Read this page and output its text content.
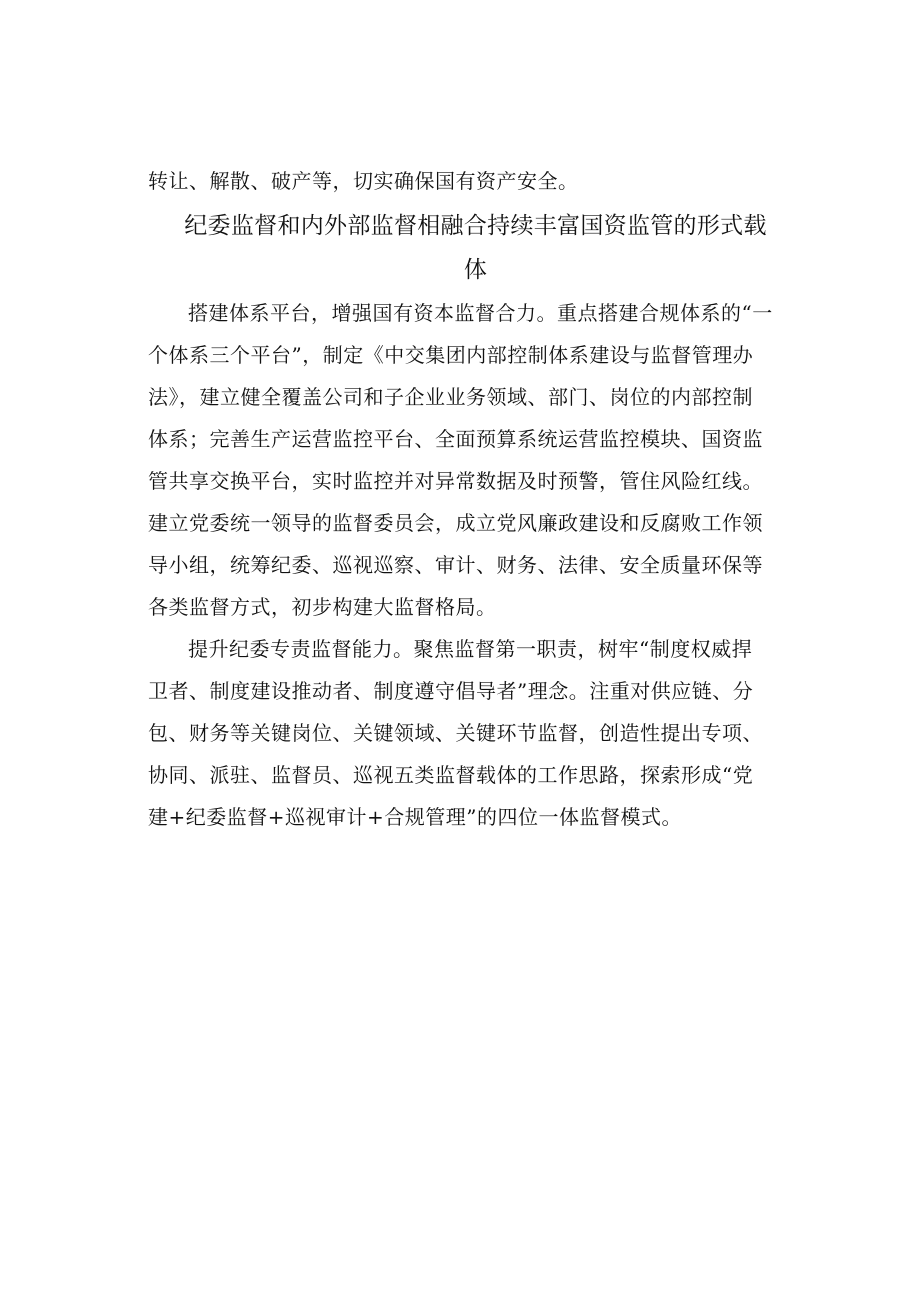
转让、解散、破产等，切实确保国有资产安全。
纪委监督和内外部监督相融合持续丰富国资监管的形式载
体
搭建体系平台，增强国有资本监督合力。重点搭建合规体系的“一
个体系三个平台”，制定《中交集团内部控制体系建设与监督管理办
法》，建立健全覆盖公司和子企业业务领域、部门、岗位的内部控制
体系；完善生产运营监控平台、全面预算系统运营监控模块、国资监
管共享交换平台，实时监控并对异常数据及时预警，管住风险红线。
建立党委统一领导的监督委员会，成立党风廉政建设和反腐败工作领
导小组，统筹纪委、巡视巡察、审计、财务、法律、安全质量环保等
各类监督方式，初步构建大监督格局。
提升纪委专责监督能力。聚焦监督第一职责，树牢“制度权威捍
卫者、制度建设推动者、制度遵守倡导者”理念。注重对供应链、分
包、财务等关键岗位、关键领域、关键环节监督，创造性提出专项、
协同、派驻、监督员、巡视五类监督载体的工作思路，探索形成“党
建+纪委监督+巡视审计+合规管理”的四位一体监督模式。
